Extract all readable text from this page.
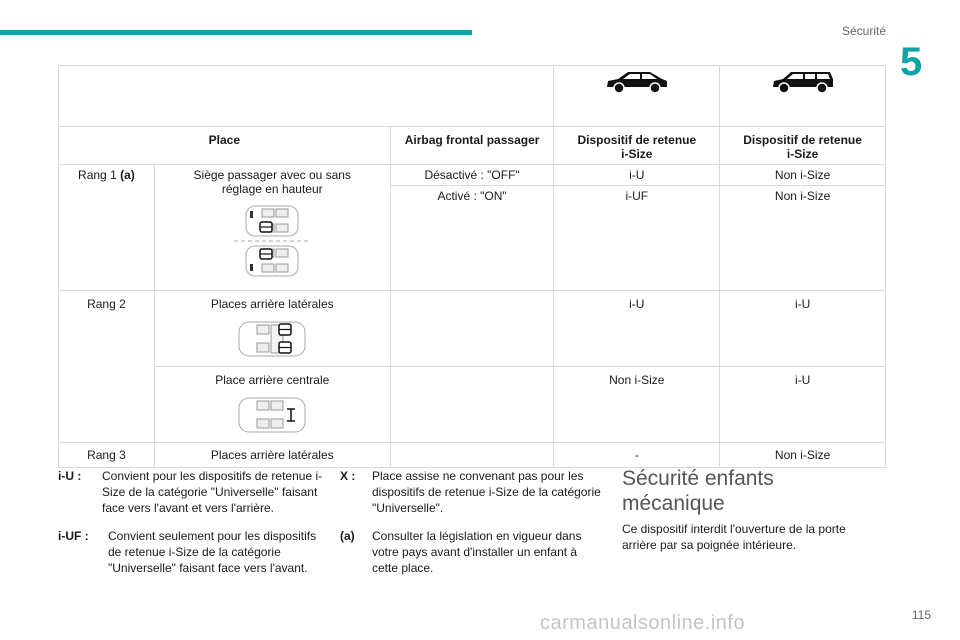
Sécurité
5

Place		Airbag frontal passager	Dispositif de retenue i-Size	Dispositif de retenue i-Size
Rang 1 (a)	Siège passager avec ou sans réglage en hauteur	Désactivé : "OFF"	i-U	Non i-Size
		Activé : "ON"	i-UF	Non i-Size
Rang 2	Places arrière latérales		i-U	i-U

	Place arrière centrale		Non i-Size	i-U
Rang 3	Places arrière latérales		-	Non i-Size
i-U :	Convient pour les dispositifs de retenue i-Size de la catégorie "Universelle" faisant face vers l'avant et vers l'arrière.
i-UF :	Convient seulement pour les dispositifs de retenue i-Size de la catégorie "Universelle" faisant face vers l'avant.
X :	Place assise ne convenant pas pour les dispositifs de retenue i-Size de la catégorie "Universelle".
(a)	Consulter la législation en vigueur dans votre pays avant d'installer un enfant à cette place.
Sécurité enfants mécanique

Ce dispositif interdit l'ouverture de la porte arrière par sa poignée intérieure.

carmanualsonline.info	115
